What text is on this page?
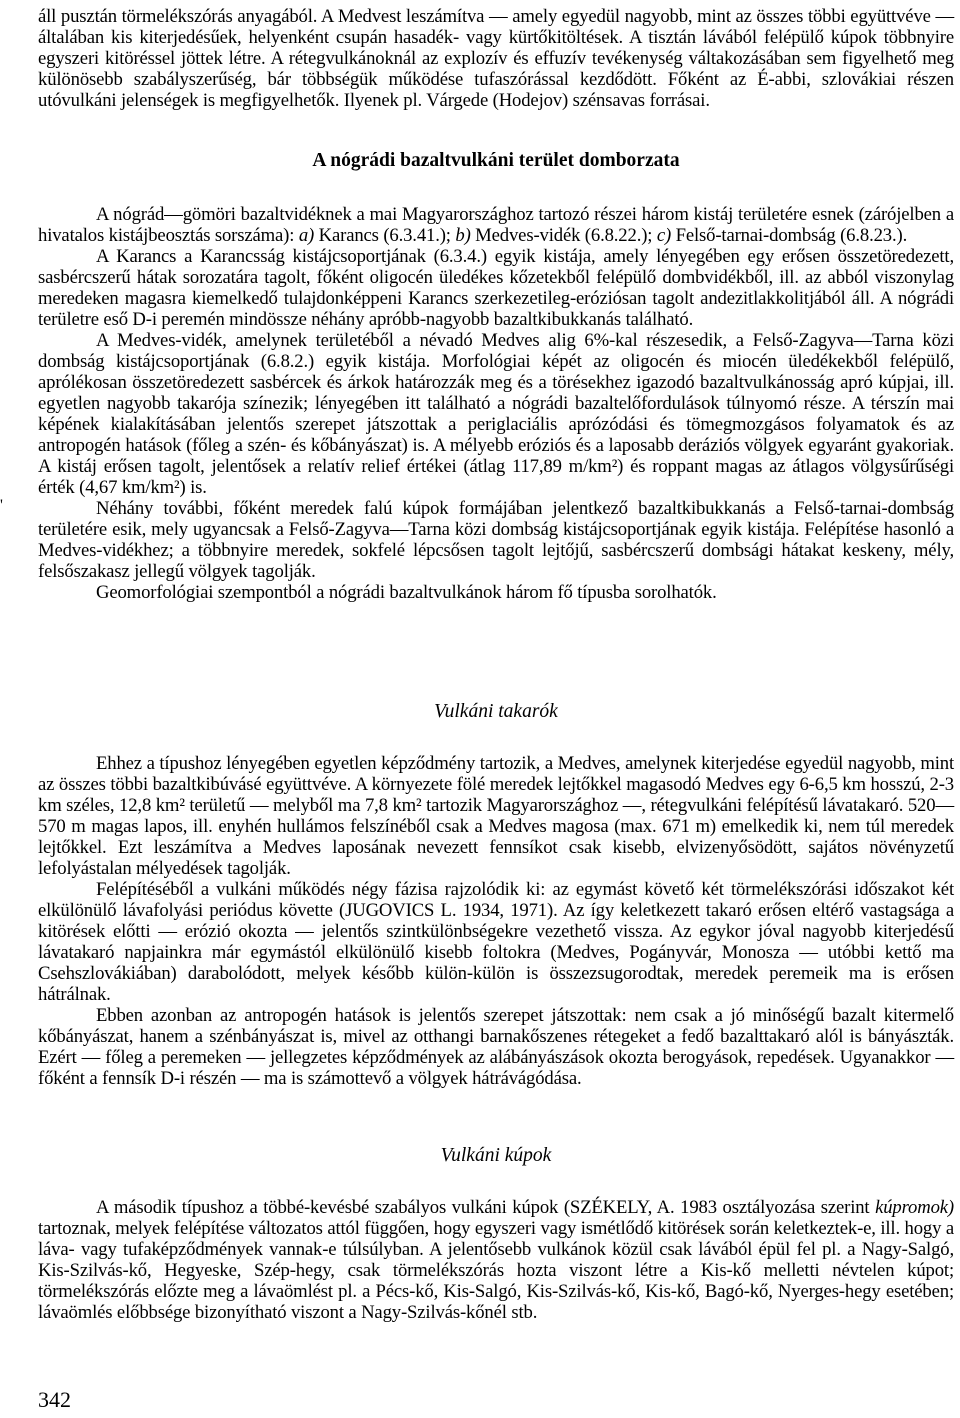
áll pusztán törmelékszórás anyagából. A Medvest leszámítva — amely egyedül nagyobb, mint az összes többi együttvéve — általában kis kiterjedésűek, helyenként csupán hasadék- vagy kürtőkitöltések. A tisztán lávából felépülő kúpok többnyire egyszeri kitöréssel jöttek létre. A rétegvulkánoknál az explozív és effuzív tevékenység váltakozásában sem figyelhető meg különösebb szabályszerűség, bár többségük működése tufaszórással kezdődött. Főként az É-abbi, szlovákiai részen utóvulkáni jelenségek is megfigyelhetők. Ilyenek pl. Várgede (Hodejov) szénsavas forrásai.

A nógrádi bazaltvulkáni terület domborzata

A nógrád—gömöri bazaltvidéknek a mai Magyarországhoz tartozó részei három kistáj területére esnek (zárójelben a hivatalos kistájbeosztás sorszáma): a) Karancs (6.3.41.); b) Medves-vidék (6.8.22.); c) Felső-tarnai-dombság (6.8.23.).

A Karancs a Karancsság kistájcsoportjának (6.3.4.) egyik kistája, amely lényegében egy erősen összetöredezett, sasbércszerű hátak sorozatára tagolt, főként oligocén üledékes kőzetekből felépülő dombvidékből, ill. az abból viszonylag meredeken magasra kiemelkedő tulajdonképpeni Karancs szerkezetileg-eróziósan tagolt andezitlakkolitjából áll. A nógrádi területre eső D-i peremén mindössze néhány apróbb-nagyobb bazaltkibukkanás található.

A Medves-vidék, amelynek területéből a névadó Medves alig 6%-kal részesedik, a Felső-Zagyva—Tarna közi dombság kistájcsoportjának (6.8.2.) egyik kistája. Morfológiai képét az oligocén és miocén üledékekből felépülő, aprólékosan összetöredezett sasbércek és árkok határozzák meg és a törésekhez igazodó bazaltvulkánosság apró kúpjai, ill. egyetlen nagyobb takarója színezik; lényegében itt található a nógrádi bazaltelőfordulások túlnyomó része. A térszín mai képének kialakításában jelentős szerepet játszottak a periglaciális aprózódási és tömegmozgásos folyamatok és az antropogén hatások (főleg a szén- és kőbányászat) is. A mélyebb eróziós és a laposabb deráziós völgyek egyaránt gyakoriak. A kistáj erősen tagolt, jelentősek a relatív relief értékei (átlag 117,89 m/km²) és roppant magas az átlagos völgysűrűségi érték (4,67 km/km²) is.

Néhány további, főként meredek falú kúpok formájában jelentkező bazaltkibukkanás a Felső-tarnai-dombság területére esik, mely ugyancsak a Felső-Zagyva—Tarna közi dombság kistájcsoportjának egyik kistája. Felépítése hasonló a Medves-vidékhez; a többnyire meredek, sokfelé lépcsősen tagolt lejtőjű, sasbércszerű dombsági hátakat keskeny, mély, felsőszakasz jellegű völgyek tagolják.

Geomorfológiai szempontból a nógrádi bazaltvulkánok három fő típusba sorolhatók.

Vulkáni takarók

Ehhez a típushoz lényegében egyetlen képződmény tartozik, a Medves, amelynek kiterjedése egyedül nagyobb, mint az összes többi bazaltkibúvásé együttvéve. A környezete fölé meredek lejtőkkel magasodó Medves egy 6-6,5 km hosszú, 2-3 km széles, 12,8 km² területű — melyből ma 7,8 km² tartozik Magyarországhoz —, rétegvulkáni felépítésű lávatakaró. 520—570 m magas lapos, ill. enyhén hullámos felszínéből csak a Medves magosa (max. 671 m) emelkedik ki, nem túl meredek lejtőkkel. Ezt leszámítva a Medves laposának nevezett fennsíkot csak kisebb, elvizenyősödött, sajátos növényzetű lefolyástalan mélyedések tagolják.

Felépítéséből a vulkáni működés négy fázisa rajzolódik ki: az egymást követő két törmelékszórási időszakot két elkülönülő lávafolyási periódus követte (JUGOVICS L. 1934, 1971). Az így keletkezett takaró erősen eltérő vastagsága a kitörések előtti — erózió okozta — jelentős szintkülönbségekre vezethető vissza. Az egykor jóval nagyobb kiterjedésű lávatakaró napjainkra már egymástól elkülönülő kisebb foltokra (Medves, Pogányvár, Monosza — utóbbi kettő ma Csehszlovákiában) darabolódott, melyek később külön-külön is összezsugorodtak, meredek peremeik ma is erősen hátrálnak.

Ebben azonban az antropogén hatások is jelentős szerepet játszottak: nem csak a jó minőségű bazalt kitermelő kőbányászat, hanem a szénbányászat is, mivel az otthangi barnakőszenes rétegeket a fedő bazalttakaró alól is bányászták. Ezért — főleg a peremeken — jellegzetes képződmények az alábányászások okozta berogyások, repedések. Ugyanakkor — főként a fennsík D-i részén — ma is számottevő a völgyek hátrávágódása.

Vulkáni kúpok

A második típushoz a többé-kevésbé szabályos vulkáni kúpok (SZÉKELY, A. 1983 osztályozása szerint kúpromok) tartoznak, melyek felépítése változatos attól függően, hogy egyszeri vagy ismétlődő kitörések során keletkeztek-e, ill. hogy a láva- vagy tufaképződmények vannak-e túlsúlyban. A jelentősebb vulkánok közül csak lávából épül fel pl. a Nagy-Salgó, Kis-Szilvás-kő, Hegyeske, Szép-hegy, csak törmelékszórás hozta viszont létre a Kis-kő melletti névtelen kúpot; törmelékszórás előzte meg a lávaömlést pl. a Pécs-kő, Kis-Salgó, Kis-Szilvás-kő, Kis-kő, Bagó-kő, Nyerges-hegy esetében; lávaömlés előbbsége bizonyítható viszont a Nagy-Szilvás-kőnél stb.

342
'
